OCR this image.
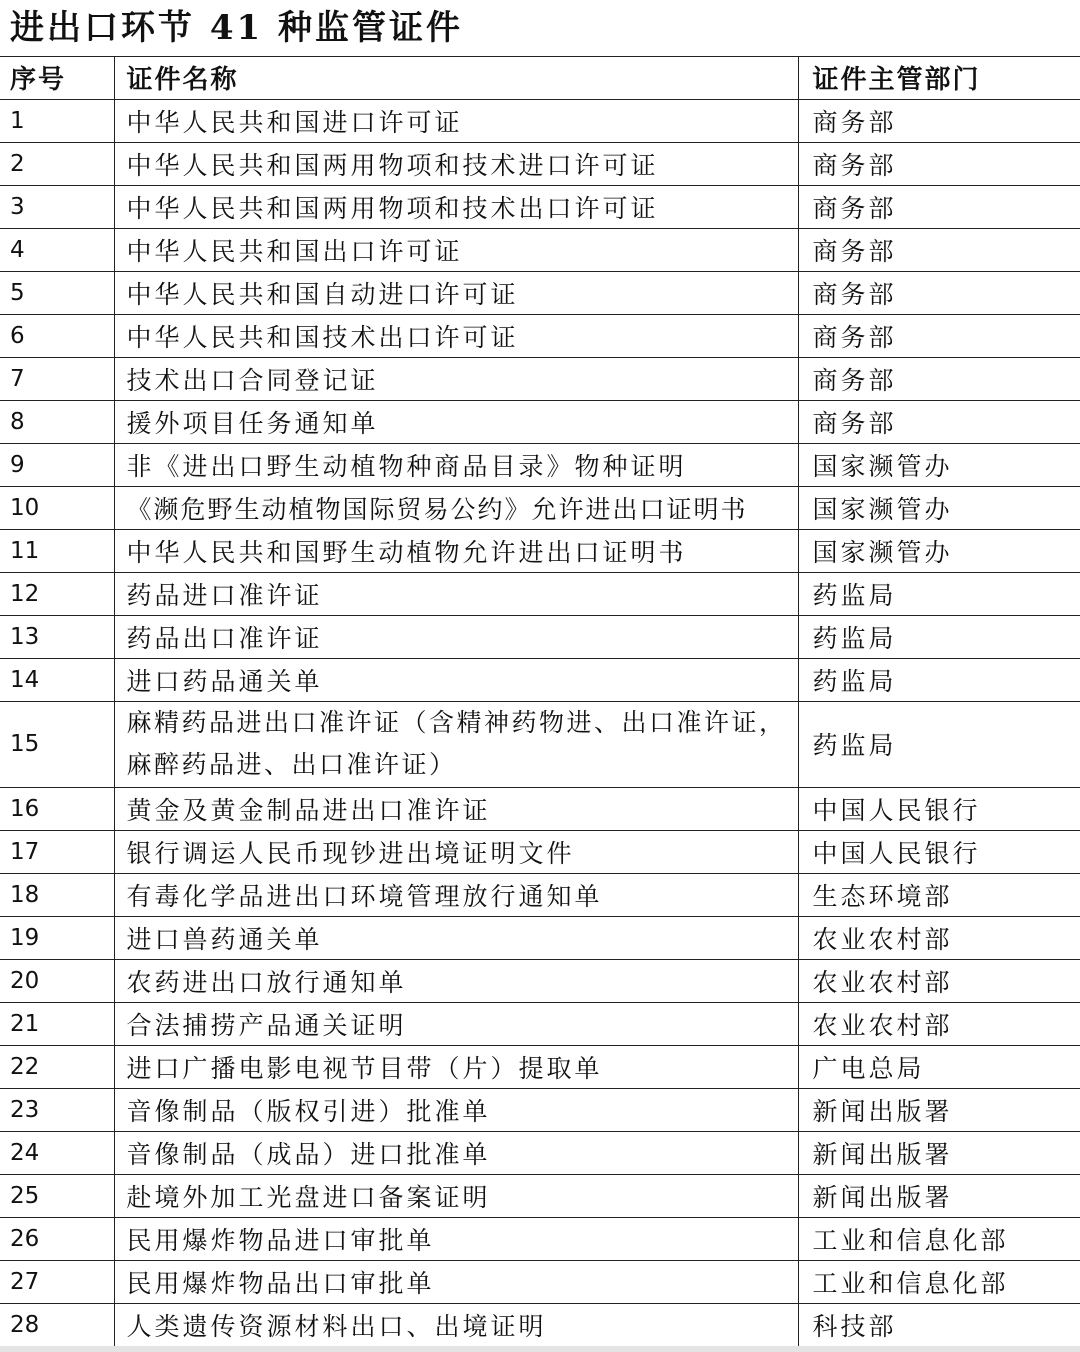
进出口环节 41 种监管证件
序号	证件名称	证件主管部门
1	中华人民共和国进口许可证	商务部
2	中华人民共和国两用物项和技术进口许可证	商务部
3	中华人民共和国两用物项和技术出口许可证	商务部
4	中华人民共和国出口许可证	商务部
5	中华人民共和国自动进口许可证	商务部
6	中华人民共和国技术出口许可证	商务部
7	技术出口合同登记证	商务部
8	援外项目任务通知单	商务部
9	非《进出口野生动植物种商品目录》物种证明	国家濒管办
10	《濒危野生动植物国际贸易公约》允许进出口证明书	国家濒管办
11	中华人民共和国野生动植物允许进出口证明书	国家濒管办
12	药品进口准许证	药监局
13	药品出口准许证	药监局
14	进口药品通关单	药监局
15	麻精药品进出口准许证（含精神药物进、出口准许证，麻醉药品进、出口准许证）	药监局
16	黄金及黄金制品进出口准许证	中国人民银行
17	银行调运人民币现钞进出境证明文件	中国人民银行
18	有毒化学品进出口环境管理放行通知单	生态环境部
19	进口兽药通关单	农业农村部
20	农药进出口放行通知单	农业农村部
21	合法捕捞产品通关证明	农业农村部
22	进口广播电影电视节目带（片）提取单	广电总局
23	音像制品（版权引进）批准单	新闻出版署
24	音像制品（成品）进口批准单	新闻出版署
25	赴境外加工光盘进口备案证明	新闻出版署
26	民用爆炸物品进口审批单	工业和信息化部
27	民用爆炸物品出口审批单	工业和信息化部
28	人类遗传资源材料出口、出境证明	科技部
